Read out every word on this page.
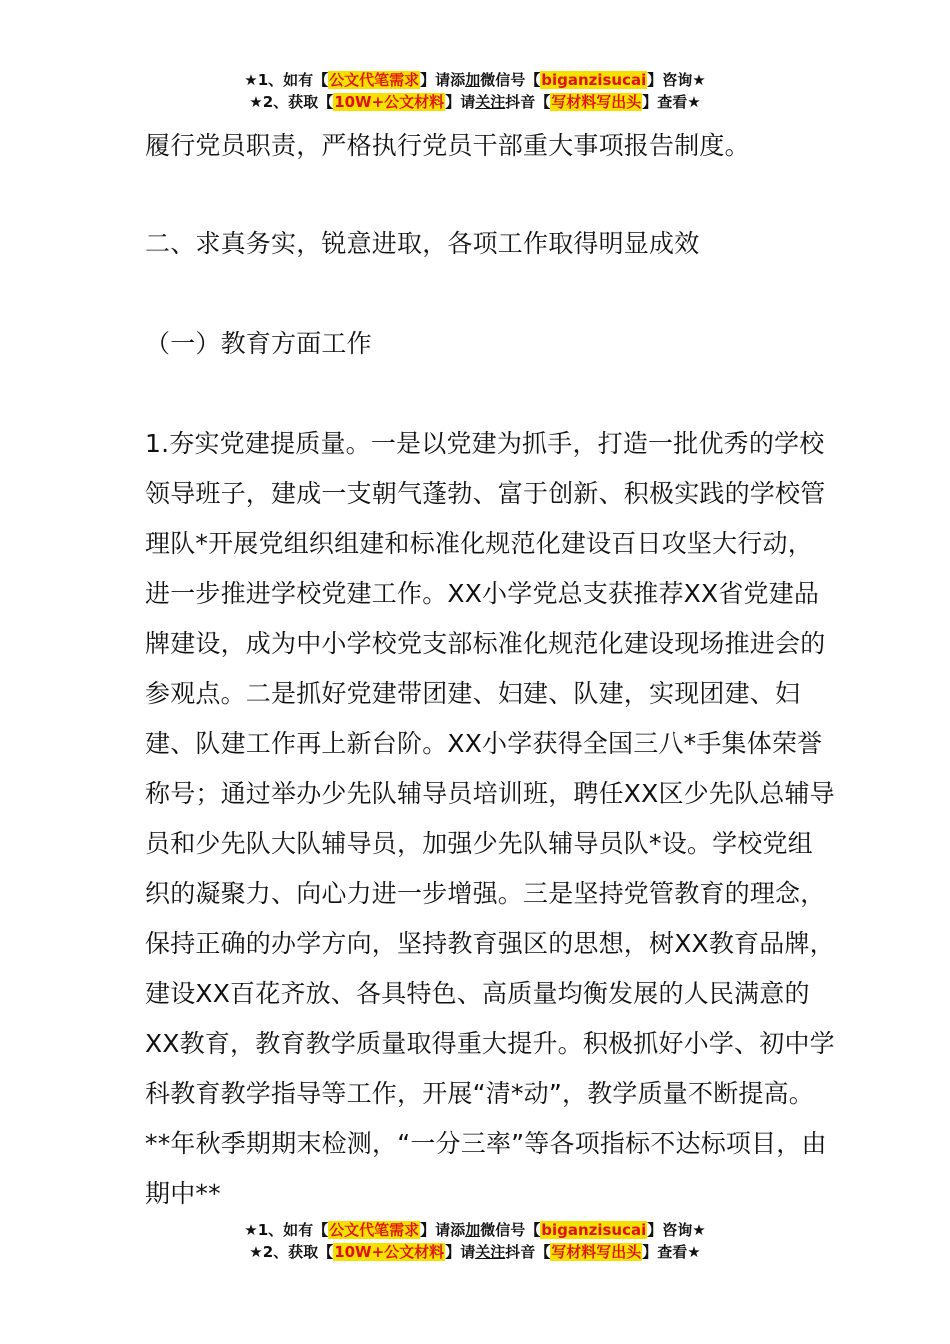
★1、如有【公文代笔需求】请添加微信号【biganzisucai】咨询★
★2、获取【10W+公文材料】请关注抖音【写材料写出头】查看★

履行党员职责，严格执行党员干部重大事项报告制度。

二、求真务实，锐意进取，各项工作取得明显成效

（一）教育方面工作

1.夯实党建提质量。一是以党建为抓手，打造一批优秀的学校领导班子，建成一支朝气蓬勃、富于创新、积极实践的学校管理队*开展党组织组建和标准化规范化建设百日攻坚大行动，进一步推进学校党建工作。XX小学党总支获推荐XX省党建品牌建设，成为中小学校党支部标准化规范化建设现场推进会的参观点。二是抓好党建带团建、妇建、队建，实现团建、妇建、队建工作再上新台阶。XX小学获得全国三八*手集体荣誉称号；通过举办少先队辅导员培训班，聘任XX区少先队总辅导员和少先队大队辅导员，加强少先队辅导员队*设。学校党组织的凝聚力、向心力进一步增强。三是坚持党管教育的理念，保持正确的办学方向，坚持教育强区的思想，树XX教育品牌，建设XX百花齐放、各具特色、高质量均衡发展的人民满意的XX教育，教育教学质量取得重大提升。积极抓好小学、初中学科教育教学指导等工作，开展“清*动”，教学质量不断提高。**年秋季期期末检测，“一分三率”等各项指标不达标项目，由期中**

★1、如有【公文代笔需求】请添加微信号【biganzisucai】咨询★
★2、获取【10W+公文材料】请关注抖音【写材料写出头】查看★
